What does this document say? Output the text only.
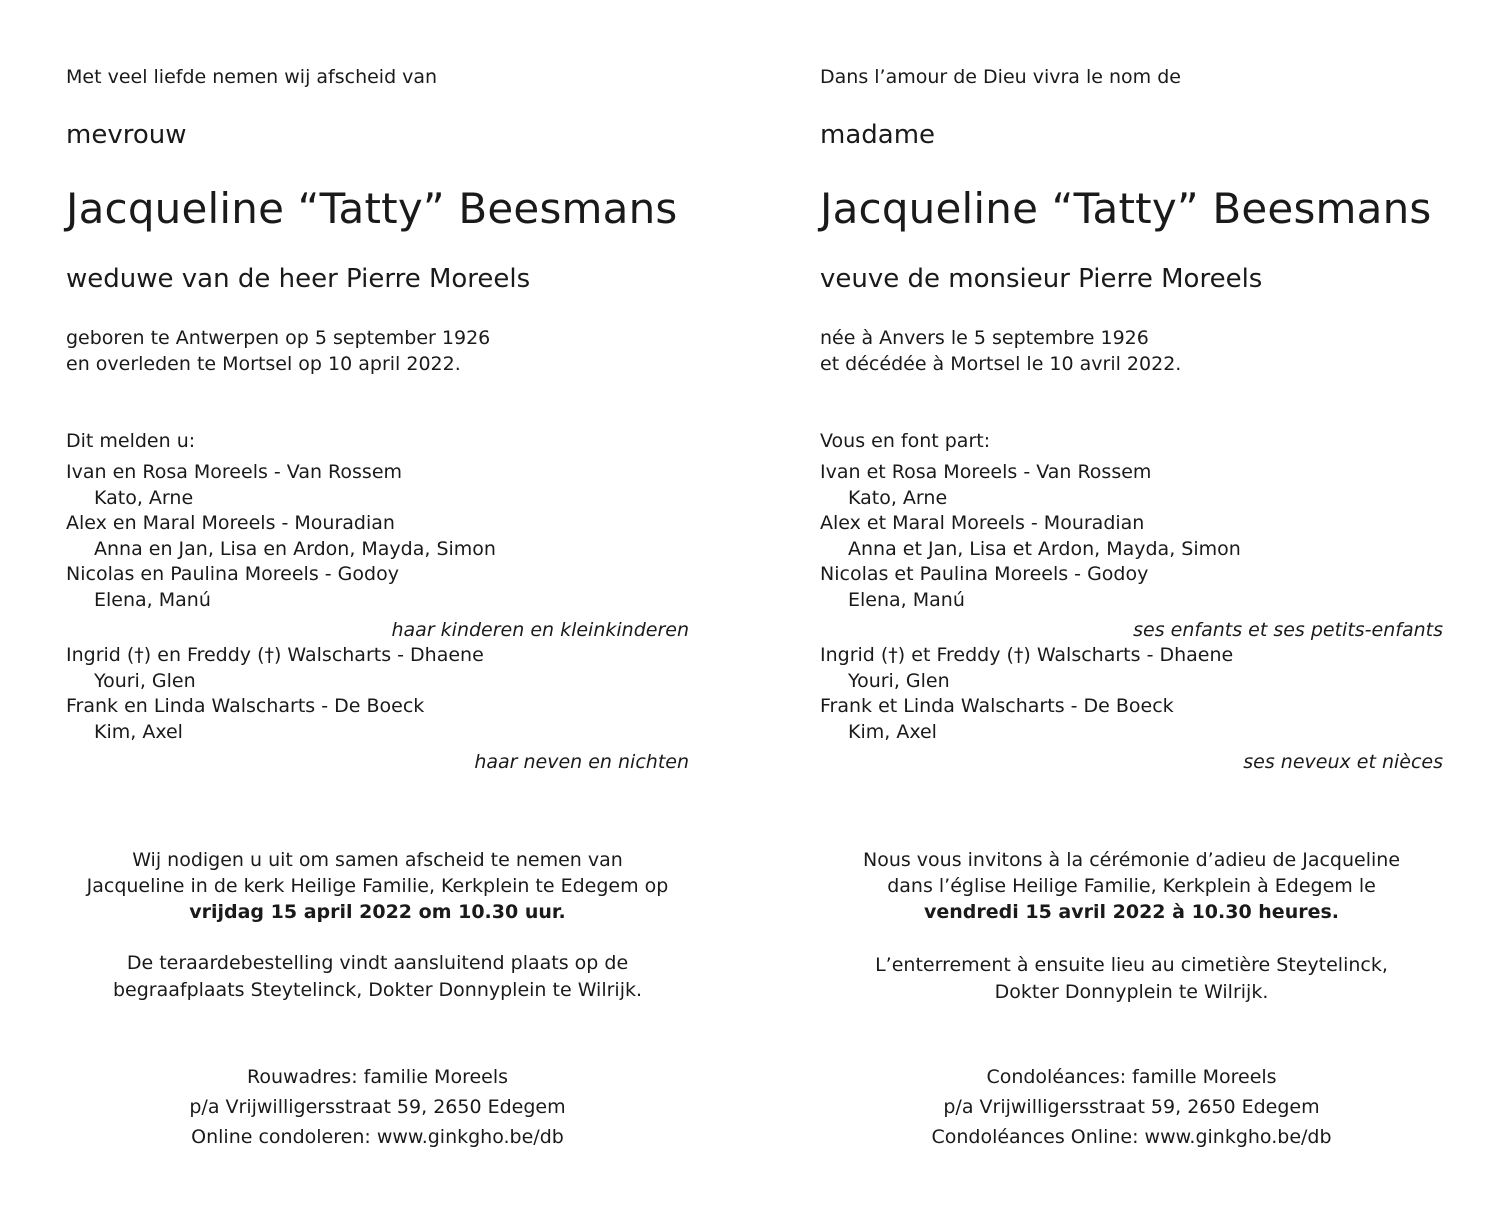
Met veel liefde nemen wij afscheid van
mevrouw
Jacqueline “Tatty” Beesmans
weduwe van de heer Pierre Moreels
geboren te Antwerpen op 5 september 1926
en overleden te Mortsel op 10 april 2022.
Dit melden u:
Ivan en Rosa Moreels - Van Rossem
Kato, Arne
Alex en Maral Moreels - Mouradian
Anna en Jan, Lisa en Ardon, Mayda, Simon
Nicolas en Paulina Moreels - Godoy
Elena, Manú
haar kinderen en kleinkinderen
Ingrid (†) en Freddy (†) Walscharts - Dhaene
Youri, Glen
Frank en Linda Walscharts - De Boeck
Kim, Axel
haar neven en nichten
Wij nodigen u uit om samen afscheid te nemen van
Jacqueline in de kerk Heilige Familie, Kerkplein te Edegem op
vrijdag 15 april 2022 om 10.30 uur.
De teraardebestelling vindt aansluitend plaats op de
begraafplaats Steytelinck, Dokter Donnyplein te Wilrijk.
Rouwadres: familie Moreels
p/a Vrijwilligersstraat 59, 2650 Edegem
Online condoleren: www.ginkgho.be/db
Dans l’amour de Dieu vivra le nom de
madame
Jacqueline “Tatty” Beesmans
veuve de monsieur Pierre Moreels
née à Anvers le 5 septembre 1926
et décédée à Mortsel le 10 avril 2022.
Vous en font part:
Ivan et Rosa Moreels - Van Rossem
Kato, Arne
Alex et Maral Moreels - Mouradian
Anna et Jan, Lisa et Ardon, Mayda, Simon
Nicolas et Paulina Moreels - Godoy
Elena, Manú
ses enfants et ses petits-enfants
Ingrid (†) et Freddy (†) Walscharts - Dhaene
Youri, Glen
Frank et Linda Walscharts - De Boeck
Kim, Axel
ses neveux et nièces
Nous vous invitons à la cérémonie d’adieu de Jacqueline
dans l’église Heilige Familie, Kerkplein à Edegem le
vendredi 15 avril 2022 à 10.30 heures.
L’enterrement à ensuite lieu au cimetière Steytelinck,
Dokter Donnyplein te Wilrijk.
Condoléances: famille Moreels
p/a Vrijwilligersstraat 59, 2650 Edegem
Condoléances Online: www.ginkgho.be/db
